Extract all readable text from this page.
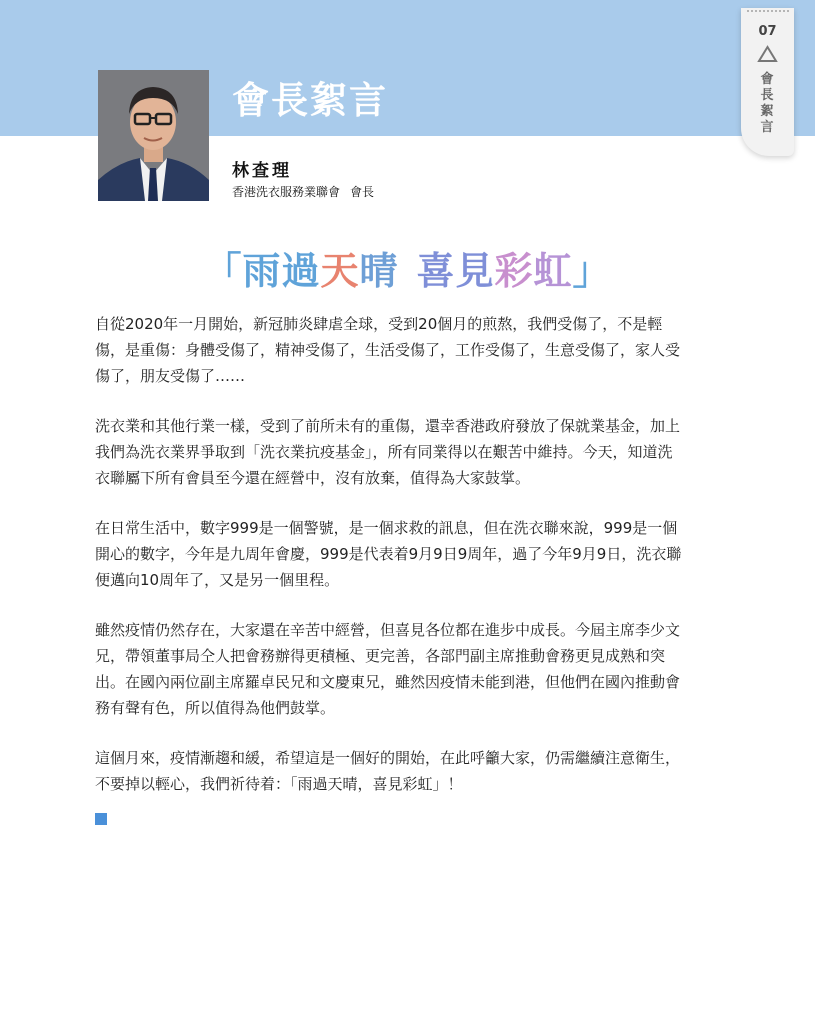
會長絮言
林查理
香港洗衣服務業聯會 會長
07
會長絮言
「雨過天晴 喜見彩虹」

自從2020年一月開始，新冠肺炎肆虐全球，受到20個月的煎熬，我們受傷了，不是輕傷，是重傷：身體受傷了，精神受傷了，生活受傷了，工作受傷了，生意受傷了，家人受傷了，朋友受傷了……

洗衣業和其他行業一樣，受到了前所未有的重傷，還幸香港政府發放了保就業基金，加上我們為洗衣業界爭取到「洗衣業抗疫基金」，所有同業得以在艱苦中維持。今天，知道洗衣聯屬下所有會員至今還在經營中，沒有放棄，值得為大家鼓掌。

在日常生活中，數字999是一個警號，是一個求救的訊息，但在洗衣聯來說，999是一個開心的數字，今年是九周年會慶，999是代表着9月9日9周年，過了今年9月9日，洗衣聯便邁向10周年了，又是另一個里程。

雖然疫情仍然存在，大家還在辛苦中經營，但喜見各位都在進步中成長。今屆主席李少文兄，帶領董事局仝人把會務辦得更積極、更完善，各部門副主席推動會務更見成熟和突出。在國內兩位副主席羅卓民兄和文慶東兄，雖然因疫情未能到港，但他們在國內推動會務有聲有色，所以值得為他們鼓掌。

這個月來，疫情漸趨和緩，希望這是一個好的開始，在此呼籲大家，仍需繼續注意衛生，不要掉以輕心，我們祈待着：「雨過天晴，喜見彩虹」！
